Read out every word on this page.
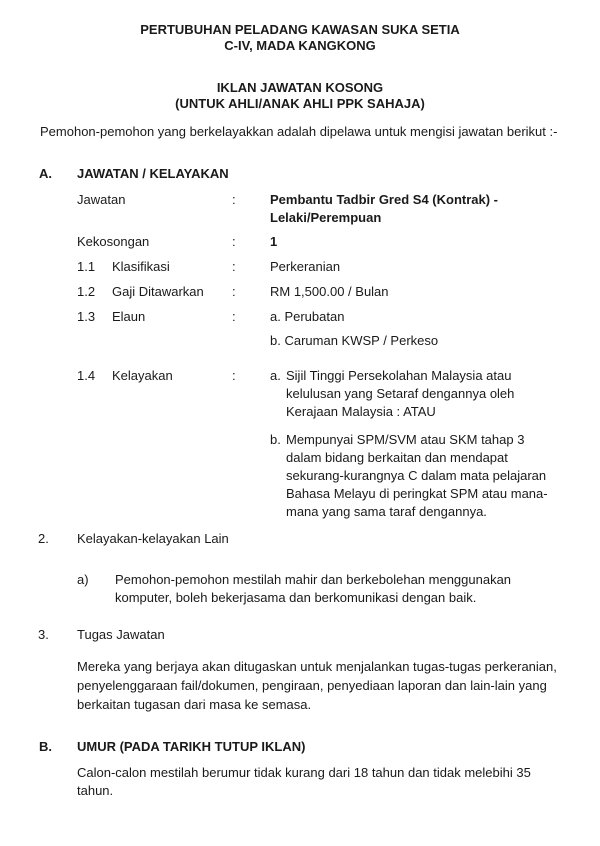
PERTUBUHAN PELADANG KAWASAN SUKA SETIA
C-IV, MADA KANGKONG
IKLAN JAWATAN KOSONG
(UNTUK AHLI/ANAK AHLI PPK SAHAJA)
Pemohon-pemohon yang berkelayakkan adalah dipelawa untuk mengisi jawatan berikut :-
A. JAWATAN / KELAYAKAN
Jawatan	:	Pembantu Tadbir Gred S4 (Kontrak) -
Lelaki/Perempuan
Kekosongan	:	1
1.1 Klasifikasi	:	Perkeranian
1.2 Gaji Ditawarkan :	RM 1,500.00 / Bulan
1.3 Elaun	:	a. Perubatan
b. Caruman KWSP / Perkeso
1.4 Kelayakan	:	a. Sijil Tinggi Persekolahan Malaysia atau
kelulusan yang Setaraf dengannya oleh
Kerajaan Malaysia : ATAU
b. Mempunyai SPM/SVM atau SKM tahap 3
dalam bidang berkaitan dan mendapat
sekurang-kurangnya C dalam mata pelajaran
Bahasa Melayu di peringkat SPM atau mana-
mana yang sama taraf dengannya.
2. Kelayakan-kelayakan Lain
a) Pemohon-pemohon mestilah mahir dan berkebolehan menggunakan
komputer, boleh bekerjasama dan berkomunikasi dengan baik.
3. Tugas Jawatan
Mereka yang berjaya akan ditugaskan untuk menjalankan tugas-tugas perkeranian,
penyelenggaraan fail/dokumen, pengiraan, penyediaan laporan dan lain-lain yang
berkaitan tugasan dari masa ke semasa.
B. UMUR (PADA TARIKH TUTUP IKLAN)
Calon-calon mestilah berumur tidak kurang dari 18 tahun dan tidak melebihi 35
tahun.
